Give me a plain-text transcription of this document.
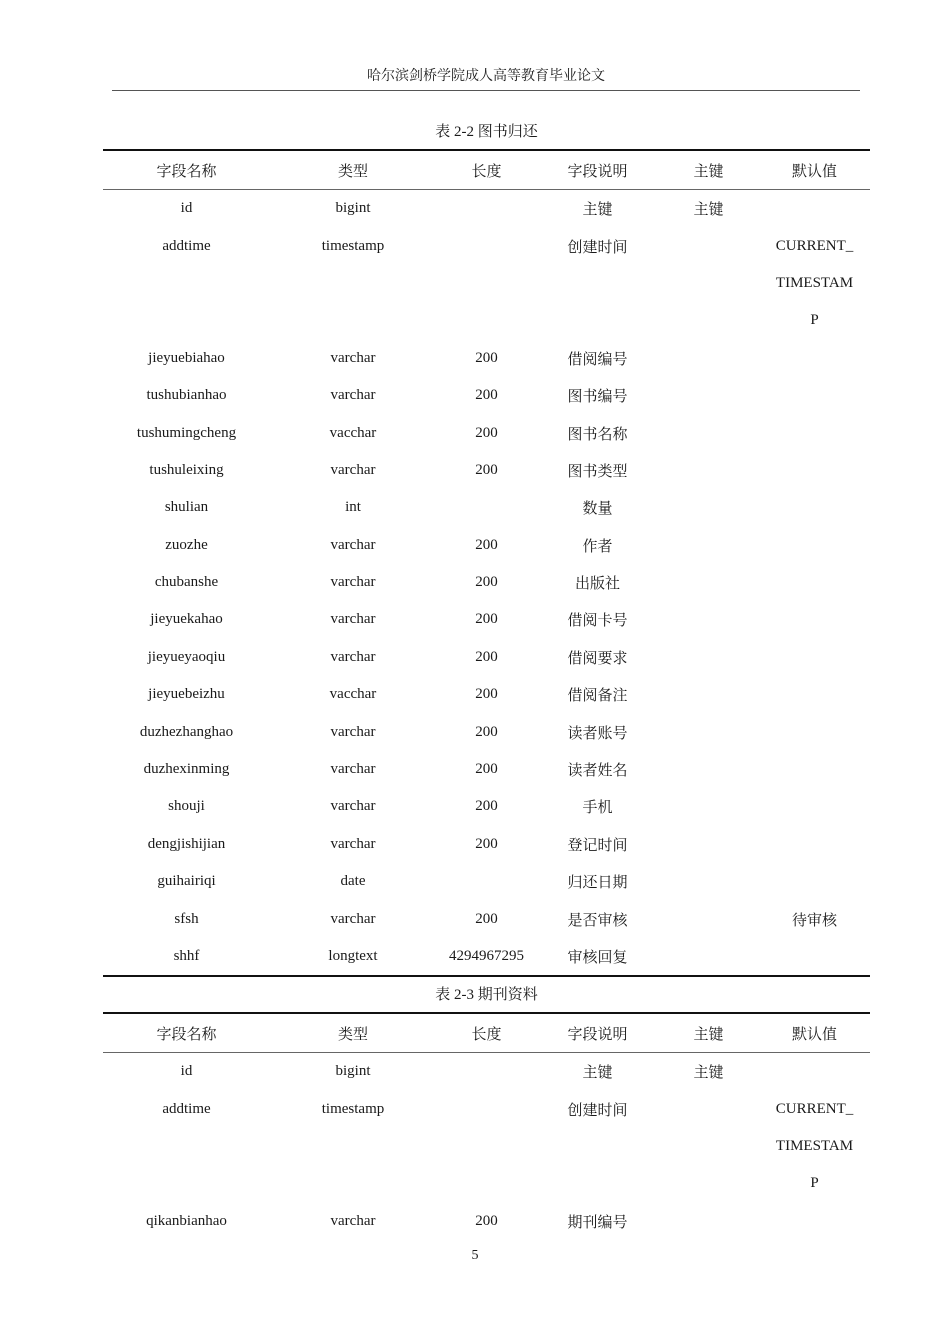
哈尔滨剑桥学院成人高等教育毕业论文
表 2-2 图书归还
字段名称	类型	长度	字段说明	主键	默认值
id	bigint		主键	主键	
addtime	timestamp		创建时间		CURRENT_
					TIMESTAM
					P
jieyuebiahao	varchar	200	借阅编号		
tushubianhao	varchar	200	图书编号		
tushumingcheng	vacchar	200	图书名称		
tushuleixing	varchar	200	图书类型		
shulian	int		数量		
zuozhe	varchar	200	作者		
chubanshe	varchar	200	出版社		
jieyuekahao	varchar	200	借阅卡号		
jieyueyaoqiu	varchar	200	借阅要求		
jieyuebeizhu	vacchar	200	借阅备注		
duzhezhanghao	varchar	200	读者账号		
duzhexinming	varchar	200	读者姓名		
shouji	varchar	200	手机		
dengjishijian	varchar	200	登记时间		
guihairiqi	date		归还日期		
sfsh	varchar	200	是否审核		待审核
shhf	longtext	4294967295	审核回复		
表 2-3 期刊资料
字段名称	类型	长度	字段说明	主键	默认值
id	bigint		主键	主键	
addtime	timestamp		创建时间		CURRENT_
					TIMESTAM
					P
qikanbianhao	varchar	200	期刊编号		
5
